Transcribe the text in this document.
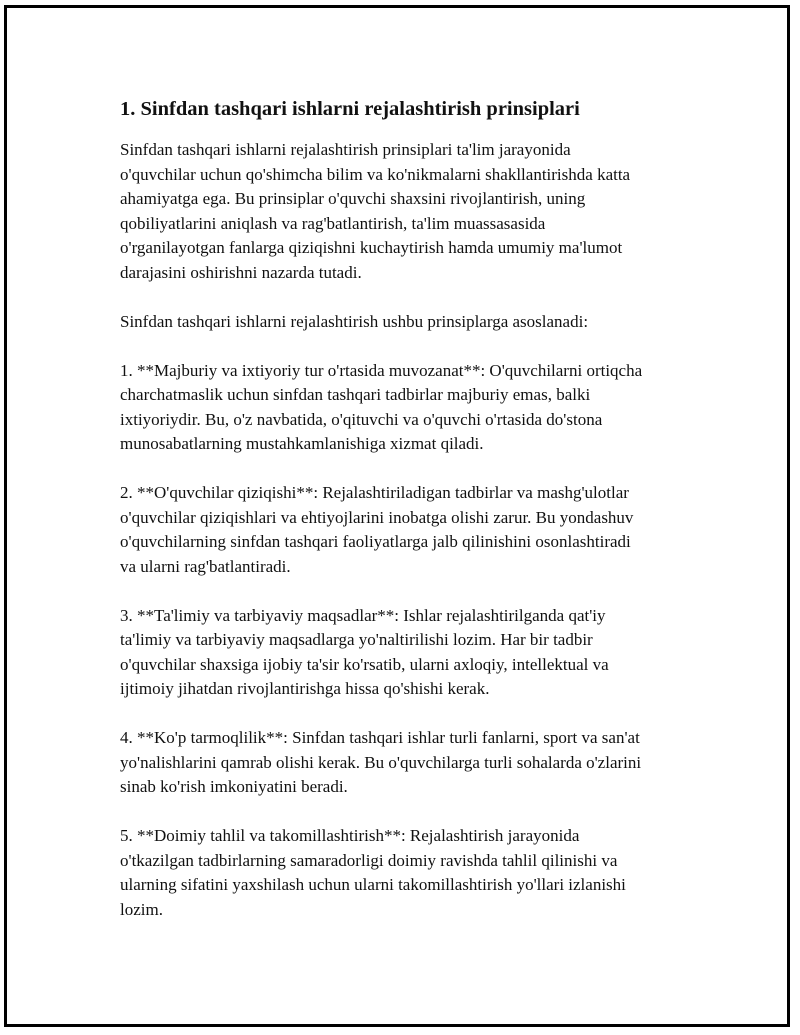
1. Sinfdan tashqari ishlarni rejalashtirish prinsiplari

Sinfdan tashqari ishlarni rejalashtirish prinsiplari ta'lim jarayonida
o'quvchilar uchun qo'shimcha bilim va ko'nikmalarni shakllantirishda katta
ahamiyatga ega. Bu prinsiplar o'quvchi shaxsini rivojlantirish, uning
qobiliyatlarini aniqlash va rag'batlantirish, ta'lim muassasasida
o'rganilayotgan fanlarga qiziqishni kuchaytirish hamda umumiy ma'lumot
darajasini oshirishni nazarda tutadi.

Sinfdan tashqari ishlarni rejalashtirish ushbu prinsiplarga asoslanadi:

1. **Majburiy va ixtiyoriy tur o'rtasida muvozanat**: O'quvchilarni ortiqcha
charchatmaslik uchun sinfdan tashqari tadbirlar majburiy emas, balki
ixtiyoriydir. Bu, o'z navbatida, o'qituvchi va o'quvchi o'rtasida do'stona
munosabatlarning mustahkamlanishiga xizmat qiladi.

2. **O'quvchilar qiziqishi**: Rejalashtiriladigan tadbirlar va mashg'ulotlar
o'quvchilar qiziqishlari va ehtiyojlarini inobatga olishi zarur. Bu yondashuv
o'quvchilarning sinfdan tashqari faoliyatlarga jalb qilinishini osonlashtiradi
va ularni rag'batlantiradi.

3. **Ta'limiy va tarbiyaviy maqsadlar**: Ishlar rejalashtirilganda qat'iy
ta'limiy va tarbiyaviy maqsadlarga yo'naltirilishi lozim. Har bir tadbir
o'quvchilar shaxsiga ijobiy ta'sir ko'rsatib, ularni axloqiy, intellektual va
ijtimoiy jihatdan rivojlantirishga hissa qo'shishi kerak.

4. **Ko'p tarmoqlilik**: Sinfdan tashqari ishlar turli fanlarni, sport va san'at
yo'nalishlarini qamrab olishi kerak. Bu o'quvchilarga turli sohalarda o'zlarini
sinab ko'rish imkoniyatini beradi.

5. **Doimiy tahlil va takomillashtirish**: Rejalashtirish jarayonida
o'tkazilgan tadbirlarning samaradorligi doimiy ravishda tahlil qilinishi va
ularning sifatini yaxshilash uchun ularni takomillashtirish yo'llari izlanishi
lozim.
